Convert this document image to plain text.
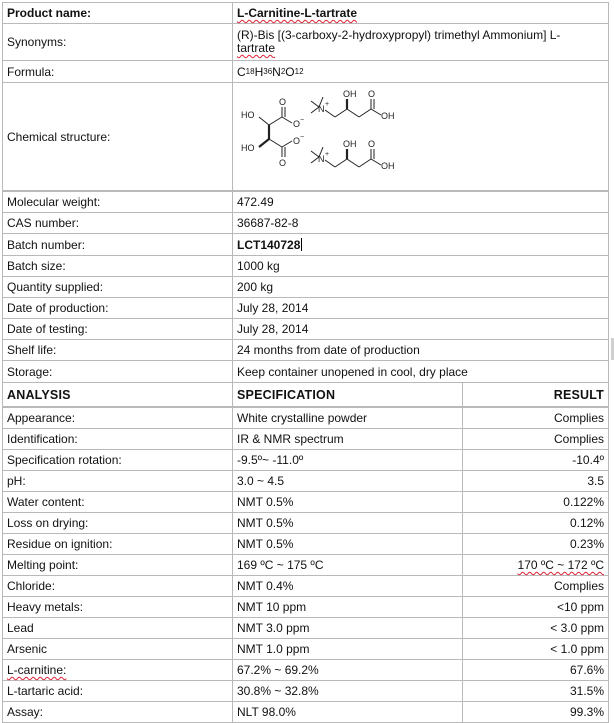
Product name:	L-Carnitine-L-tartrate
Synonyms:	(R)-Bis [(3-carboxy-2-hydroxypropyl) trimethyl Ammonium] L-
tartrate
Formula:	C 18 H 36 N 2 O 12
Chemical structure:
HO
HO
O
O
O
O
−
−
N +
OH O
OH
N +
OH O
OH
Molecular weight:	472.49
CAS number:	36687-82-8
Batch number:	LCT140728
Batch size:	1000 kg
Quantity supplied:	200 kg
Date of production:	July 28, 2014
Date of testing:	July 28, 2014
Shelf life:	24 months from date of production
Storage:	Keep container unopened in cool, dry place
ANALYSIS	SPECIFICATION	RESULT
Appearance:	White crystalline powder	Complies
Identification:	IR & NMR spectrum	Complies
Specification rotation:	-9.5º~ -11.0º	-10.4º
pH:	3.0 ~ 4.5	3.5
Water content:	NMT 0.5%	0.122%
Loss on drying:	NMT 0.5%	0.12%
Residue on ignition:	NMT 0.5%	0.23%
Melting point:	169 ºC ~ 175 ºC	170 ºC ~ 172 ºC
Chloride:	NMT 0.4%	Complies
Heavy metals:	NMT 10 ppm	<10 ppm
Lead	NMT 3.0 ppm	< 3.0 ppm
Arsenic	NMT 1.0 ppm	< 1.0 ppm
L-carnitine:	67.2% ~ 69.2%	67.6%
L-tartaric acid:	30.8% ~ 32.8%	31.5%
Assay:	NLT 98.0%	99.3%
